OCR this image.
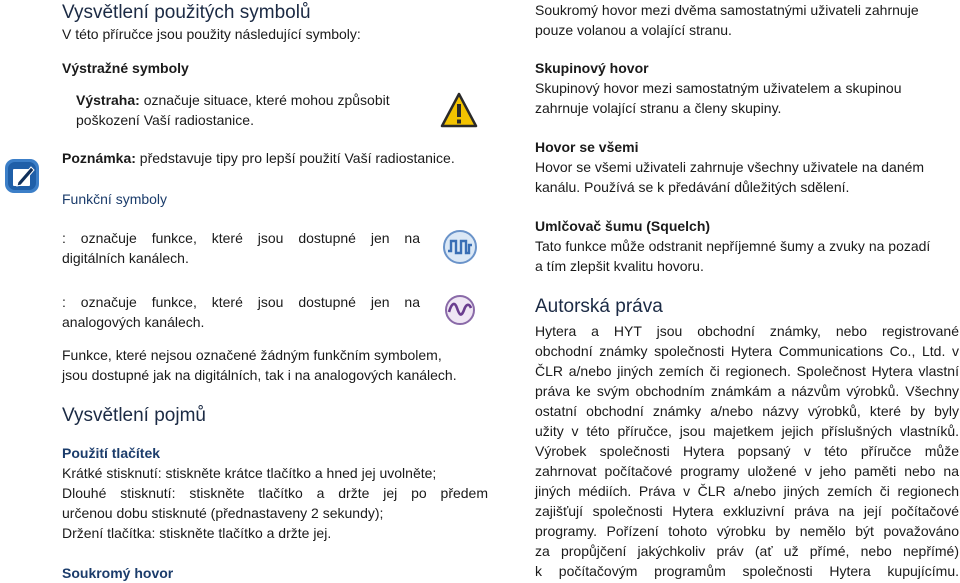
Vysvětlení použitých symbolů
V této příručce jsou použity následující symboly:
Výstražné symboly
Výstraha: označuje situace, které mohou způsobit
poškození Vaší radiostanice.
Poznámka: představuje tipy pro lepší použití Vaší radiostanice.
Funkční symboly
: označuje funkce, které jsou dostupné jen na
digitálních kanálech.
: označuje funkce, které jsou dostupné jen na
analogových kanálech.
Funkce, které nejsou označené žádným funkčním symbolem,
jsou dostupné jak na digitálních, tak i na analogových kanálech.
Vysvětlení pojmů
Použití tlačítek
Krátké stisknutí: stiskněte krátce tlačítko a hned jej uvolněte;
Dlouhé stisknutí: stiskněte tlačítko a držte jej po předem
určenou dobu stisknuté (přednastaveny 2 sekundy);
Držení tlačítka: stiskněte tlačítko a držte jej.
Soukromý hovor
Soukromý hovor mezi dvěma samostatnými uživateli zahrnuje
pouze volanou a volající stranu.
Skupinový hovor
Skupinový hovor mezi samostatným uživatelem a skupinou
zahrnuje volající stranu a členy skupiny.
Hovor se všemi
Hovor se všemi uživateli zahrnuje všechny uživatele na daném
kanálu. Používá se k předávání důležitých sdělení.
Umlčovač šumu (Squelch)
Tato funkce může odstranit nepříjemné šumy a zvuky na pozadí
a tím zlepšit kvalitu hovoru.
Autorská práva
Hytera a HYT jsou obchodní známky, nebo registrované
obchodní známky společnosti Hytera Communications Co., Ltd. v
ČLR a/nebo jiných zemích či regionech. Společnost Hytera vlastní
práva ke svým obchodním známkám a názvům výrobků. Všechny
ostatní obchodní známky a/nebo názvy výrobků, které by byly
užity v této příručce, jsou majetkem jejich příslušných vlastníků.
Výrobek společnosti Hytera popsaný v této příručce může
zahrnovat počítačové programy uložené v jeho paměti nebo na
jiných médiích. Práva v ČLR a/nebo jiných zemích či regionech
zajišťují společnosti Hytera exkluzivní práva na její počítačové
programy. Pořízení tohoto výrobku by nemělo být považováno
za propůjčení jakýchkoliv práv (ať už přímé, nebo nepřímé)
k počítačovým programům společnosti Hytera kupujícímu.
